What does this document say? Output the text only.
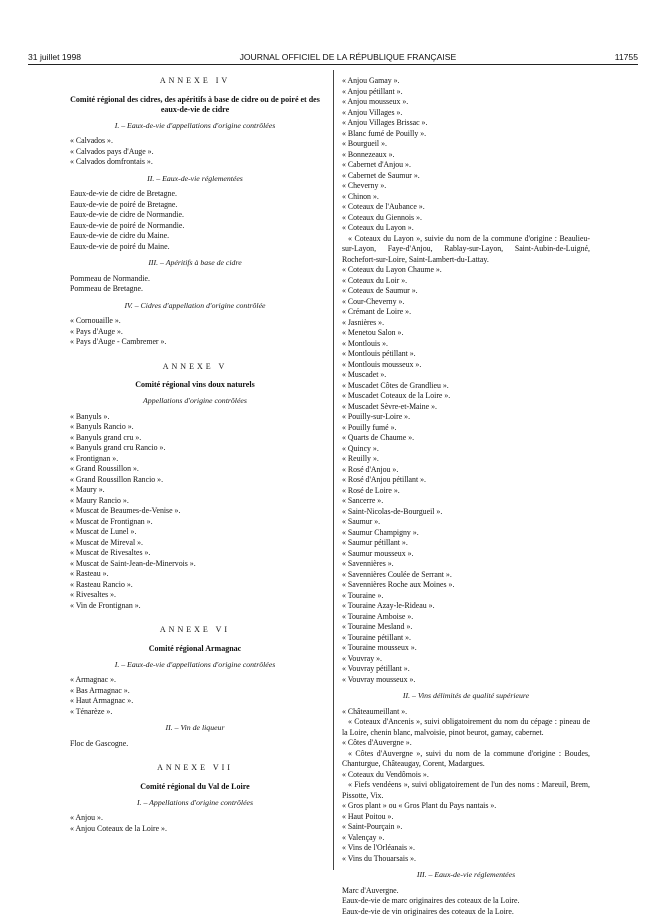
31 juillet 1998	JOURNAL OFFICIEL DE LA RÉPUBLIQUE FRANÇAISE	11755
ANNEXE IV
Comité régional des cidres, des apéritifs à base de cidre ou de poiré et des eaux-de-vie de cidre
I. – Eaux-de-vie d'appellations d'origine contrôlées
« Calvados ».
« Calvados pays d'Auge ».
« Calvados domfrontais ».
II. – Eaux-de-vie réglementées
Eaux-de-vie de cidre de Bretagne.
Eaux-de-vie de poiré de Bretagne.
Eaux-de-vie de cidre de Normandie.
Eaux-de-vie de poiré de Normandie.
Eaux-de-vie de cidre du Maine.
Eaux-de-vie de poiré du Maine.
III. – Apéritifs à base de cidre
Pommeau de Normandie.
Pommeau de Bretagne.
IV. – Cidres d'appellation d'origine contrôlée
« Cornouaille ».
« Pays d'Auge ».
« Pays d'Auge - Cambremer ».
ANNEXE V
Comité régional vins doux naturels
Appellations d'origine contrôlées
« Banyuls ».
« Banyuls Rancio ».
« Banyuls grand cru ».
« Banyuls grand cru Rancio ».
« Frontignan ».
« Grand Roussillon ».
« Grand Roussillon Rancio ».
« Maury ».
« Maury Rancio ».
« Muscat de Beaumes-de-Venise ».
« Muscat de Frontignan ».
« Muscat de Lunel ».
« Muscat de Mireval ».
« Muscat de Rivesaltes ».
« Muscat de Saint-Jean-de-Minervois ».
« Rasteau ».
« Rasteau Rancio ».
« Rivesaltes ».
« Vin de Frontignan ».
ANNEXE VI
Comité régional Armagnac
I. – Eaux-de-vie d'appellations d'origine contrôlées
« Armagnac ».
« Bas Armagnac ».
« Haut Armagnac ».
« Ténarèze ».
II. – Vin de liqueur
Floc de Gascogne.
ANNEXE VII
Comité régional du Val de Loire
I. – Appellations d'origine contrôlées
« Anjou ».
« Anjou Coteaux de la Loire ».
« Anjou Gamay ».
« Anjou pétillant ».
« Anjou mousseux ».
« Anjou Villages ».
« Anjou Villages Brissac ».
« Blanc fumé de Pouilly ».
« Bourgueil ».
« Bonnezeaux ».
« Cabernet d'Anjou ».
« Cabernet de Saumur ».
« Cheverny ».
« Chinon ».
« Coteaux de l'Aubance ».
« Coteaux du Giennois ».
« Coteaux du Layon ».
« Coteaux du Layon », suivie du nom de la commune d'origine : Beaulieu-sur-Layon, Faye-d'Anjou, Rablay-sur-Layon, Saint-Aubin-de-Luigné, Rochefort-sur-Loire, Saint-Lambert-du-Lattay.
« Coteaux du Layon Chaume ».
« Coteaux du Loir ».
« Coteaux de Saumur ».
« Cour-Cheverny ».
« Crémant de Loire ».
« Jasnières ».
« Menetou Salon ».
« Montlouis ».
« Montlouis pétillant ».
« Montlouis mousseux ».
« Muscadet ».
« Muscadet Côtes de Grandlieu ».
« Muscadet Coteaux de la Loire ».
« Muscadet Sèvre-et-Maine ».
« Pouilly-sur-Loire ».
« Pouilly fumé ».
« Quarts de Chaume ».
« Quincy ».
« Reuilly ».
« Rosé d'Anjou ».
« Rosé d'Anjou pétillant ».
« Rosé de Loire ».
« Sancerre ».
« Saint-Nicolas-de-Bourgueil ».
« Saumur ».
« Saumur Champigny ».
« Saumur pétillant ».
« Saumur mousseux ».
« Savennières ».
« Savennières Coulée de Serrant ».
« Savennières Roche aux Moines ».
« Touraine ».
« Touraine Azay-le-Rideau ».
« Touraine Amboise ».
« Touraine Mesland ».
« Touraine pétillant ».
« Touraine mousseux ».
« Vouvray ».
« Vouvray pétillant ».
« Vouvray mousseux ».
II. – Vins délimités de qualité supérieure
« Châteaumeillant ».
« Coteaux d'Ancenis », suivi obligatoirement du nom du cépage : pineau de la Loire, chenin blanc, malvoisie, pinot beurot, gamay, cabernet.
« Côtes d'Auvergne ».
« Côtes d'Auvergne », suivi du nom de la commune d'origine : Boudes, Chanturgue, Châteaugay, Corent, Madargues.
« Coteaux du Vendômois ».
« Fiefs vendéens », suivi obligatoirement de l'un des noms : Mareuil, Brem, Pissotte, Vix.
« Gros plant » ou « Gros Plant du Pays nantais ».
« Haut Poitou ».
« Saint-Pourçain ».
« Valençay ».
« Vins de l'Orléanais ».
« Vins du Thouarsais ».
III. – Eaux-de-vie réglementées
Marc d'Auvergne.
Eaux-de-vie de marc originaires des coteaux de la Loire.
Eaux-de-vie de vin originaires des coteaux de la Loire.
